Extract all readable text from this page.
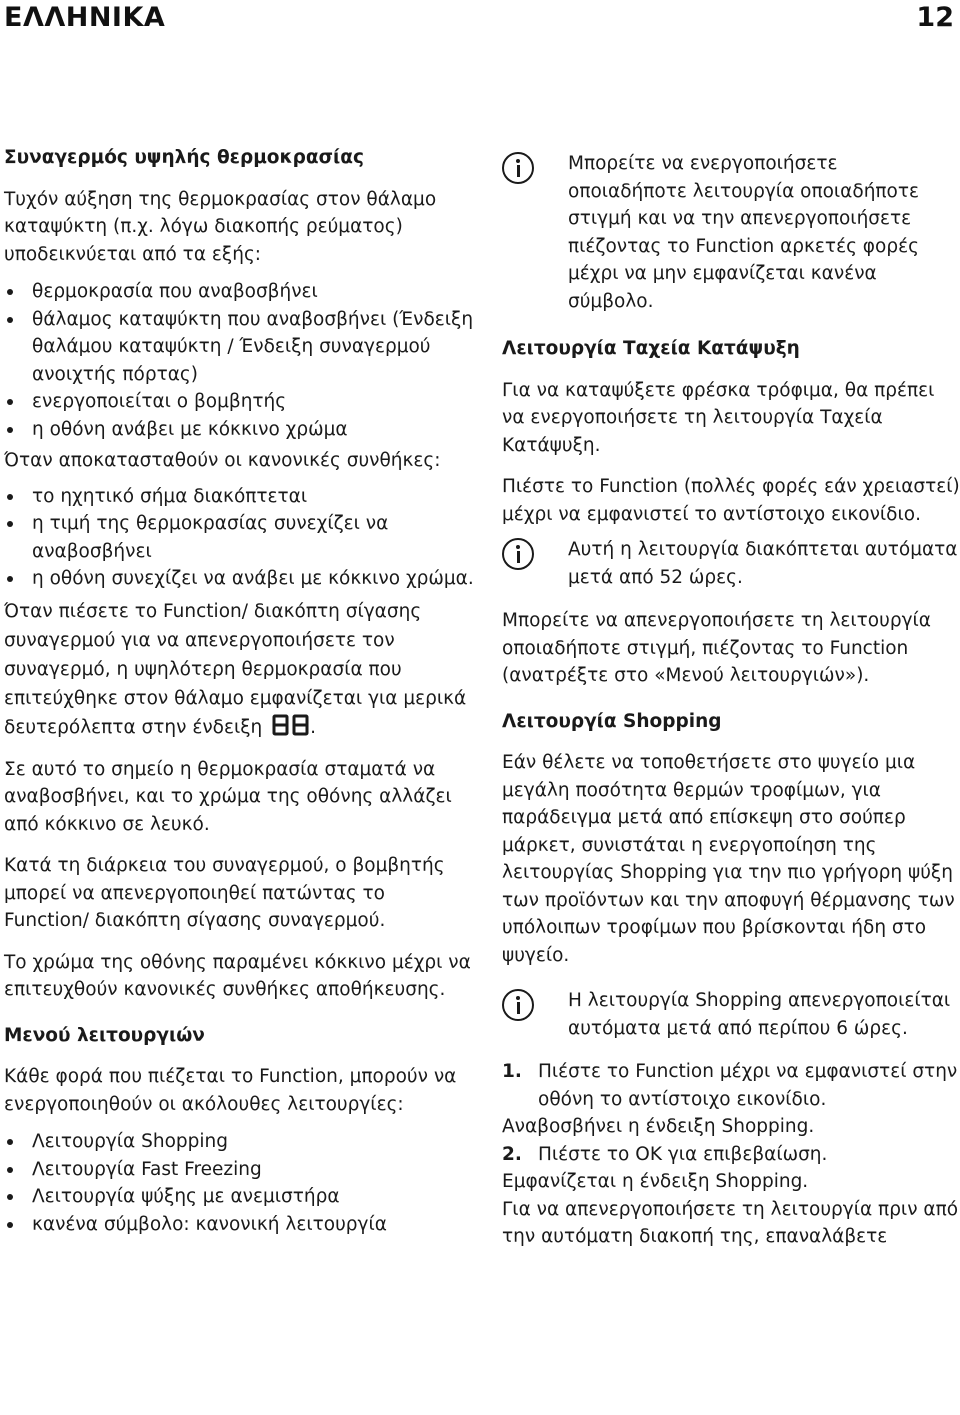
ΕΛΛΗΝΙΚΑ	12
Συναγερμός υψηλής θερμοκρασίας

Τυχόν αύξηση της θερμοκρασίας στον θάλαμο καταψύκτη (π.χ. λόγω διακοπής ρεύματος) υποδεικνύεται από τα εξής:

θερμοκρασία που αναβοσβήνει
θάλαμος καταψύκτη που αναβοσβήνει (Ένδειξη θαλάμου καταψύκτη / Ένδειξη συναγερμού ανοιχτής πόρτας)
ενεργοποιείται ο βομβητής
η οθόνη ανάβει με κόκκινο χρώμα

Όταν αποκατασταθούν οι κανονικές συνθήκες:

το ηχητικό σήμα διακόπτεται
η τιμή της θερμοκρασίας συνεχίζει να αναβοσβήνει
η οθόνη συνεχίζει να ανάβει με κόκκινο χρώμα.

Όταν πιέσετε το Function/ διακόπτη σίγασης συναγερμού για να απενεργοποιήσετε τον συναγερμό, η υψηλότερη θερμοκρασία που επιτεύχθηκε στον θάλαμο εμφανίζεται για μερικά δευτερόλεπτα στην ένδειξη	.

Σε αυτό το σημείο η θερμοκρασία σταματά να αναβοσβήνει, και το χρώμα της οθόνης αλλάζει από κόκκινο σε λευκό.

Κατά τη διάρκεια του συναγερμού, ο βομβητής μπορεί να απενεργοποιηθεί πατώντας το Function/ διακόπτη σίγασης συναγερμού.

Το χρώμα της οθόνης παραμένει κόκκινο μέχρι να επιτευχθούν κανονικές συνθήκες αποθήκευσης.

Μενού λειτουργιών

Κάθε φορά που πιέζεται το Function, μπορούν να ενεργοποιηθούν οι ακόλουθες λειτουργίες:

Λειτουργία Shopping
Λειτουργία Fast Freezing
Λειτουργία ψύξης με ανεμιστήρα
κανένα σύμβολο: κανονική λειτουργία
Μπορείτε να ενεργοποιήσετε οποιαδήποτε λειτουργία οποιαδήποτε στιγμή και να την απενεργοποιήσετε πιέζοντας το Function αρκετές φορές μέχρι να μην εμφανίζεται κανένα σύμβολο.
Λειτουργία Ταχεία Κατάψυξη

Για να καταψύξετε φρέσκα τρόφιμα, θα πρέπει να ενεργοποιήσετε τη λειτουργία Ταχεία Κατάψυξη.

Πιέστε το Function (πολλές φορές εάν χρειαστεί) μέχρι να εμφανιστεί το αντίστοιχο εικονίδιο.

Αυτή η λειτουργία διακόπτεται αυτόματα μετά από 52 ώρες.

Μπορείτε να απενεργοποιήσετε τη λειτουργία οποιαδήποτε στιγμή, πιέζοντας το Function (ανατρέξτε στο «Μενού λειτουργιών»).

Λειτουργία Shopping

Εάν θέλετε να τοποθετήσετε στο ψυγείο μια μεγάλη ποσότητα θερμών τροφίμων, για παράδειγμα μετά από επίσκεψη στο σούπερ μάρκετ, συνιστάται η ενεργοποίηση της λειτουργίας Shopping για την πιο γρήγορη ψύξη των προϊόντων και την αποφυγή θέρμανσης των υπόλοιπων τροφίμων που βρίσκονται ήδη στο ψυγείο.

Η λειτουργία Shopping απενεργοποιείται αυτόματα μετά από περίπου 6 ώρες.
1. Πιέστε το Function μέχρι να εμφανιστεί στην οθόνη το αντίστοιχο εικονίδιο.
Αναβοσβήνει η ένδειξη Shopping.
2. Πιέστε το OK για επιβεβαίωση.
Εμφανίζεται η ένδειξη Shopping.

Για να απενεργοποιήσετε τη λειτουργία πριν από την αυτόματη διακοπή της, επαναλάβετε
